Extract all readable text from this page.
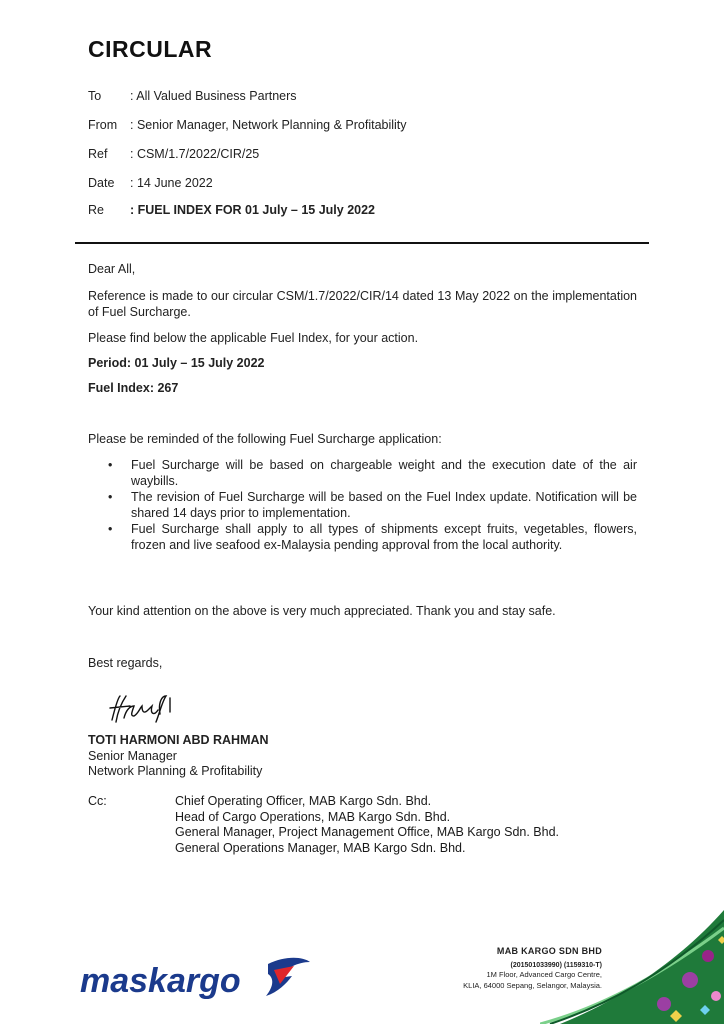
CIRCULAR
To : All Valued Business Partners
From : Senior Manager, Network Planning & Profitability
Ref : CSM/1.7/2022/CIR/25
Date : 14 June 2022
Re : FUEL INDEX FOR 01 July – 15 July 2022
Dear All,
Reference is made to our circular CSM/1.7/2022/CIR/14 dated 13 May 2022 on the implementation of Fuel Surcharge.
Please find below the applicable Fuel Index, for your action.
Period: 01 July – 15 July 2022
Fuel Index: 267
Please be reminded of the following Fuel Surcharge application:
• Fuel Surcharge will be based on chargeable weight and the execution date of the air waybills.
• The revision of Fuel Surcharge will be based on the Fuel Index update. Notification will be shared 14 days prior to implementation.
• Fuel Surcharge shall apply to all types of shipments except fruits, vegetables, flowers, frozen and live seafood ex-Malaysia pending approval from the local authority.
Your kind attention on the above is very much appreciated. Thank you and stay safe.
Best regards,
TOTI HARMONI ABD RAHMAN
Senior Manager
Network Planning & Profitability
Cc:	Chief Operating Officer, MAB Kargo Sdn. Bhd.
Head of Cargo Operations, MAB Kargo Sdn. Bhd.
General Manager, Project Management Office, MAB Kargo Sdn. Bhd.
General Operations Manager, MAB Kargo Sdn. Bhd.
maskargo
MAB KARGO SDN BHD
(201501033990) (1159310-T)
1M Floor, Advanced Cargo Centre,
KLIA, 64000 Sepang, Selangor, Malaysia.
